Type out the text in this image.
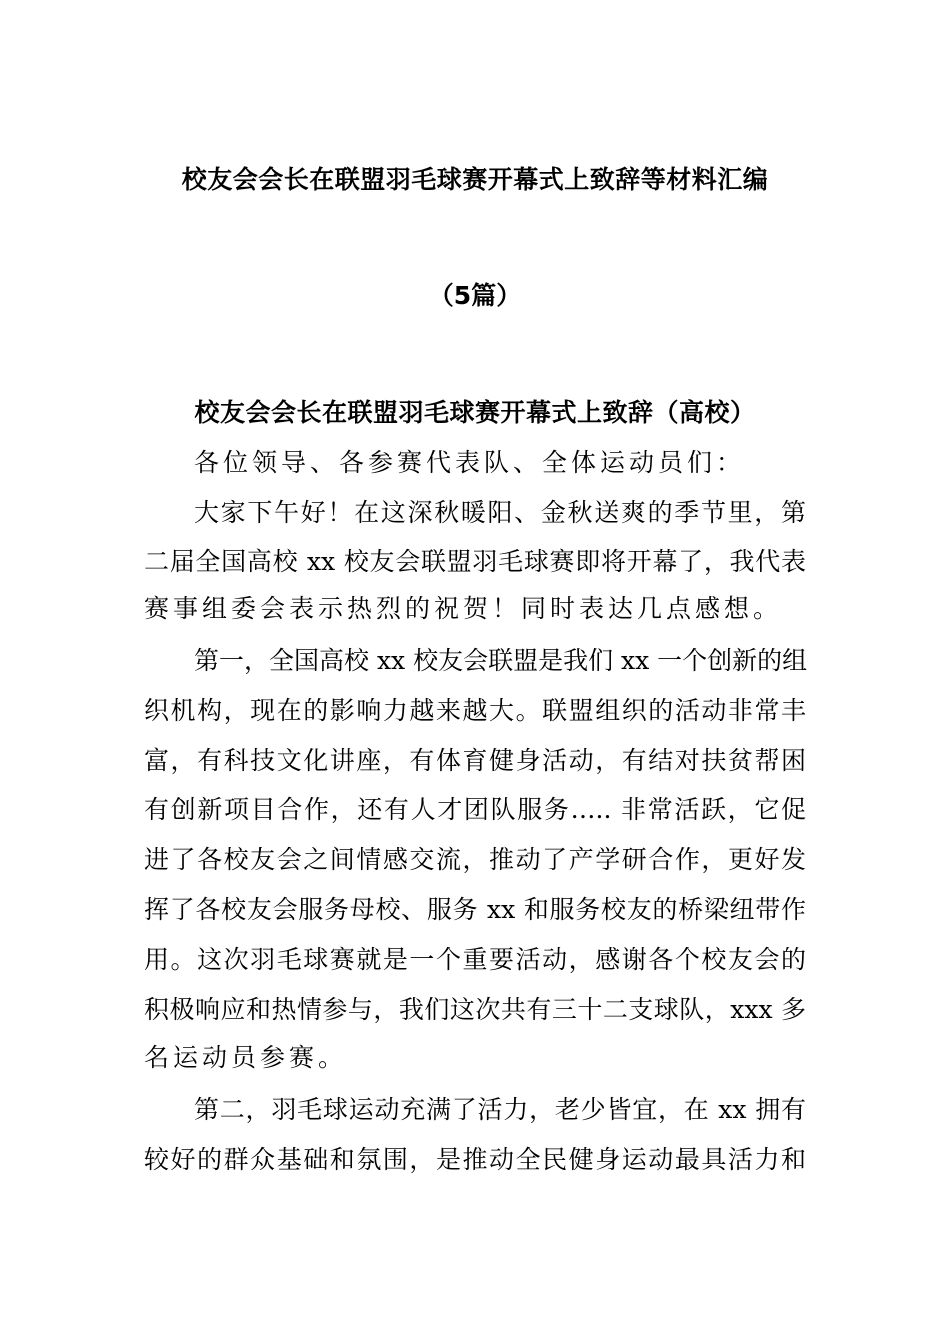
校友会会长在联盟羽毛球赛开幕式上致辞等材料汇编
（5篇）
校友会会长在联盟羽毛球赛开幕式上致辞（高校）
各位领导、各参赛代表队、全体运动员们：
大家下午好！在这深秋暖阳、金秋送爽的季节里，第
二届全国高校 xx 校友会联盟羽毛球赛即将开幕了，我代表
赛事组委会表示热烈的祝贺！同时表达几点感想。
第一，全国高校 xx 校友会联盟是我们 xx 一个创新的组
织机构，现在的影响力越来越大。联盟组织的活动非常丰
富，有科技文化讲座，有体育健身活动，有结对扶贫帮困
有创新项目合作，还有人才团队服务….. 非常活跃，它促
进了各校友会之间情感交流，推动了产学研合作，更好发
挥了各校友会服务母校、服务 xx 和服务校友的桥梁纽带作
用。这次羽毛球赛就是一个重要活动，感谢各个校友会的
积极响应和热情参与，我们这次共有三十二支球队，xxx 多
名运动员参赛。
第二，羽毛球运动充满了活力，老少皆宜，在 xx 拥有
较好的群众基础和氛围，是推动全民健身运动最具活力和
